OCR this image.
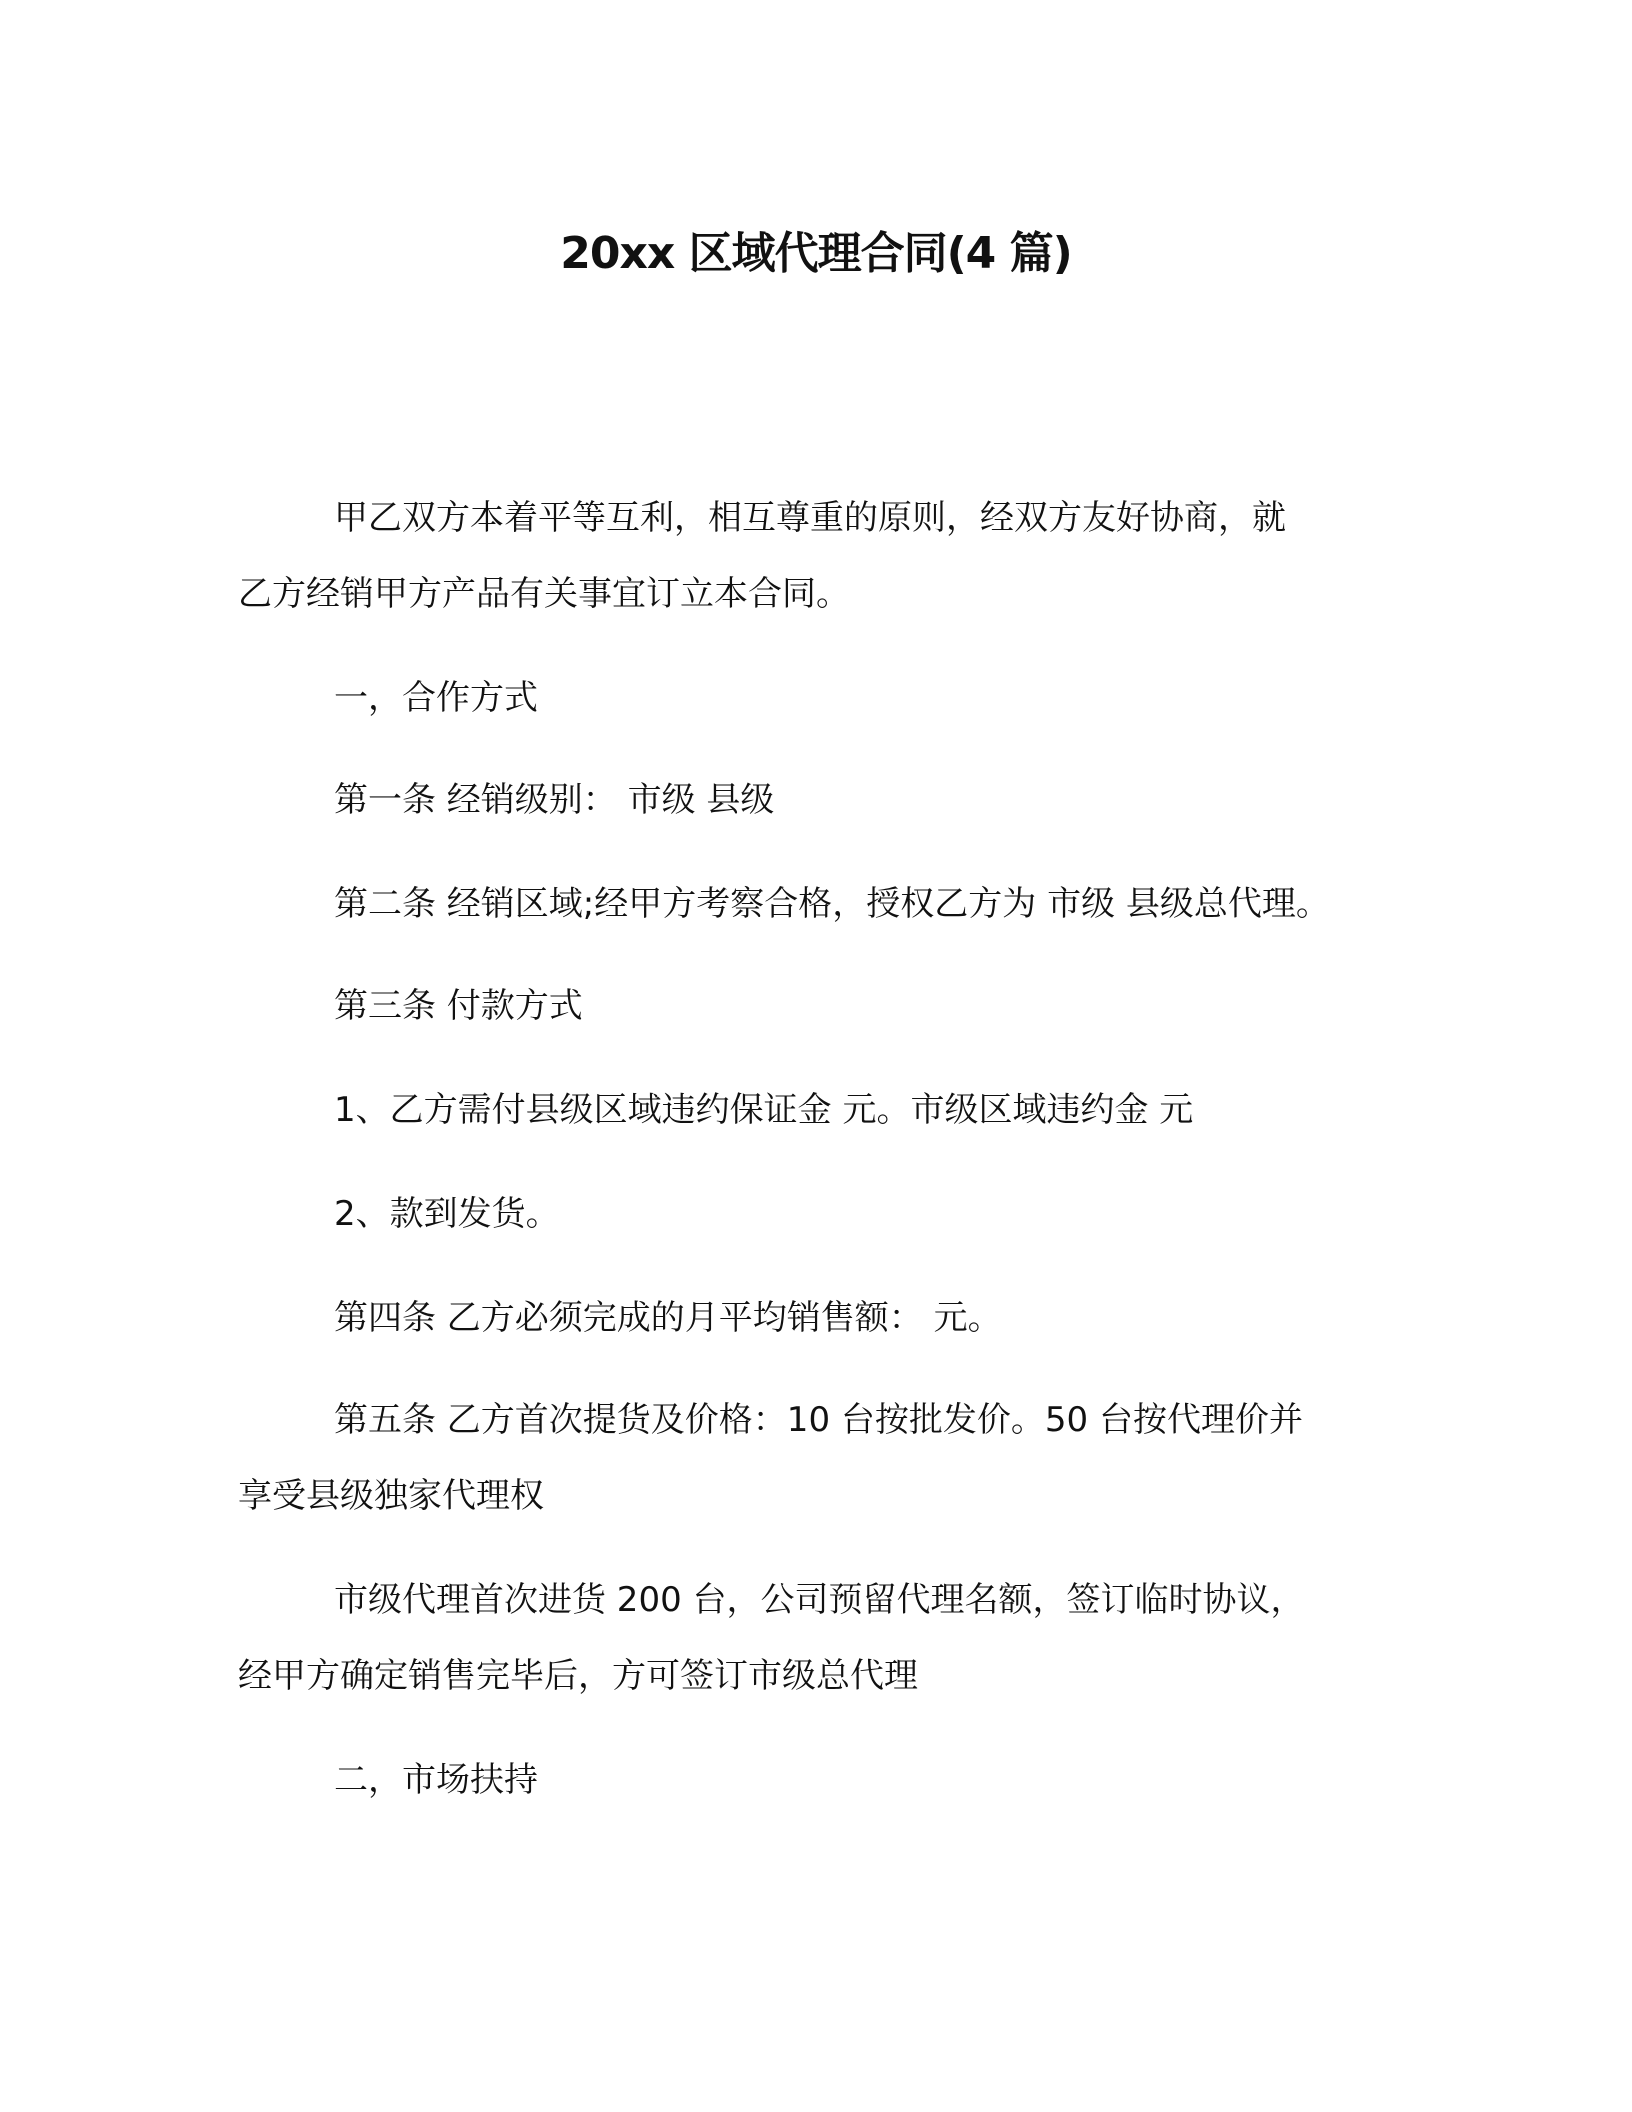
20xx 区域代理合同(4 篇)
甲乙双方本着平等互利，相互尊重的原则，经双方友好协商，就
乙方经销甲方产品有关事宜订立本合同。
一，合作方式
第一条 经销级别： 市级 县级
第二条 经销区域;经甲方考察合格，授权乙方为 市级 县级总代理。
第三条 付款方式
1、乙方需付县级区域违约保证金 元。市级区域违约金 元
2、款到发货。
第四条 乙方必须完成的月平均销售额： 元。
第五条 乙方首次提货及价格：10 台按批发价。50 台按代理价并
享受县级独家代理权
市级代理首次进货 200 台，公司预留代理名额，签订临时协议，
经甲方确定销售完毕后，方可签订市级总代理
二，市场扶持
